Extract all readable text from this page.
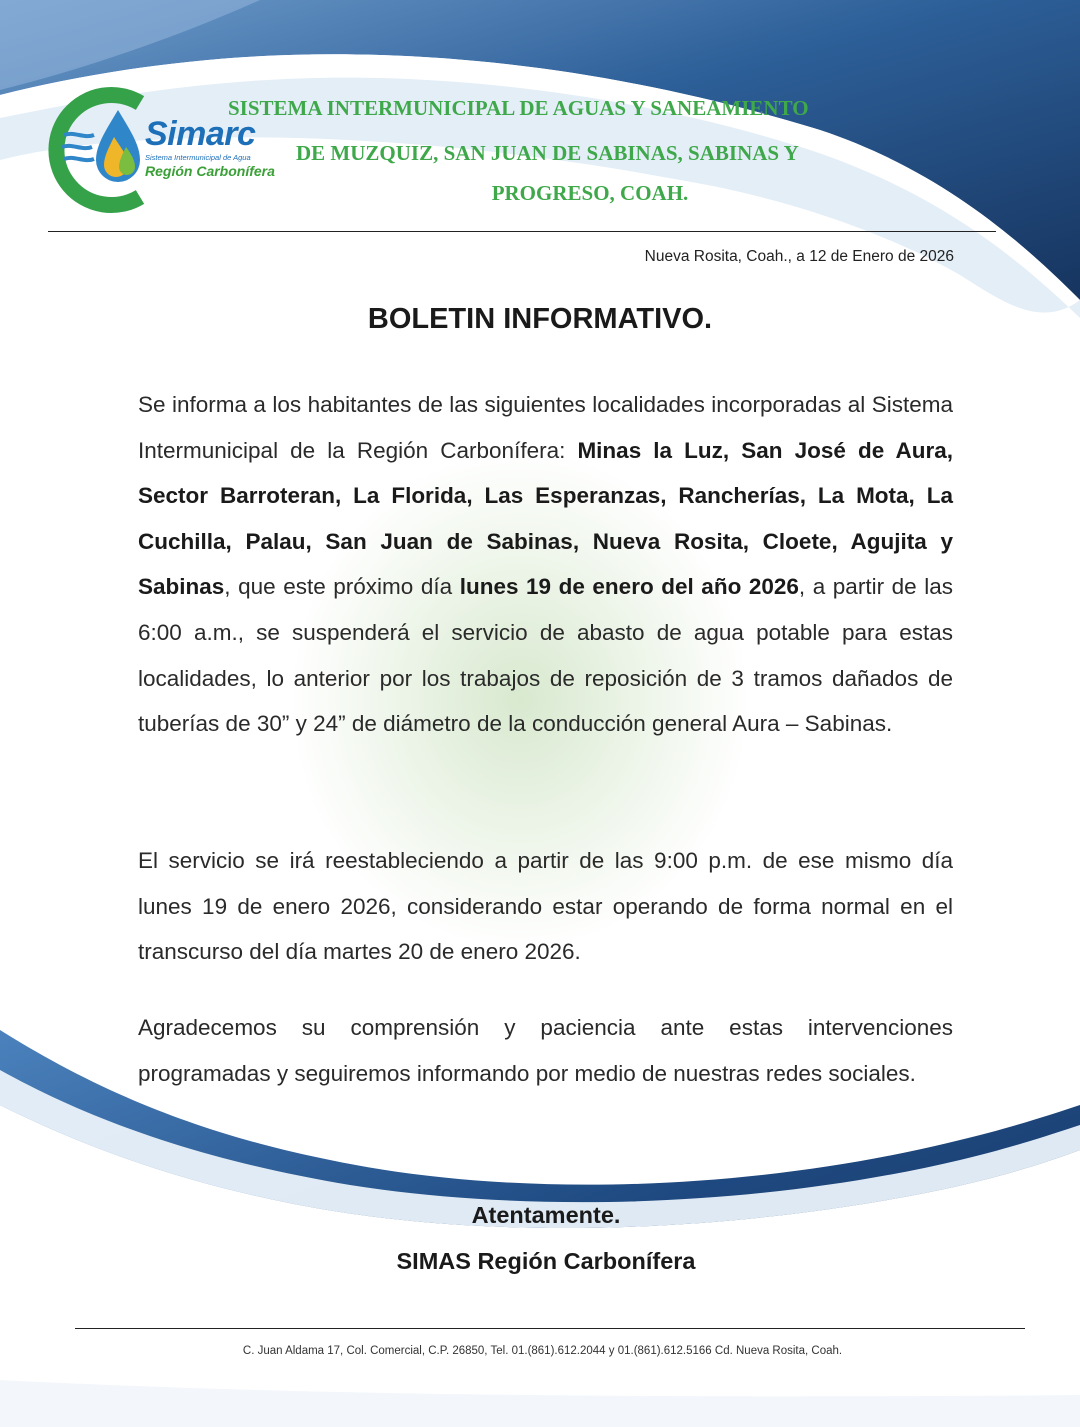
Simarc
Sistema Intermunicipal de Agua
Región Carbonífera
SISTEMA INTERMUNICIPAL DE AGUAS Y SANEAMIENTO
DE MUZQUIZ, SAN JUAN DE SABINAS, SABINAS Y
PROGRESO, COAH.
Nueva Rosita, Coah., a 12 de Enero de 2026
BOLETIN INFORMATIVO.
Se informa a los habitantes de las siguientes localidades incorporadas al Sistema Intermunicipal de la Región Carbonífera: Minas la Luz, San José de Aura, Sector Barroteran, La Florida, Las Esperanzas, Rancherías, La Mota, La Cuchilla, Palau, San Juan de Sabinas, Nueva Rosita, Cloete, Agujita y Sabinas, que este próximo día lunes 19 de enero del año 2026, a partir de las 6:00 a.m., se suspenderá el servicio de abasto de agua potable para estas localidades, lo anterior por los trabajos de reposición de 3 tramos dañados de tuberías de 30” y 24” de diámetro de la conducción general Aura – Sabinas.
El servicio se irá reestableciendo a partir de las 9:00 p.m. de ese mismo día lunes 19 de enero 2026, considerando estar operando de forma normal en el transcurso del día martes 20 de enero 2026.
Agradecemos su comprensión y paciencia ante estas intervenciones programadas y seguiremos informando por medio de nuestras redes sociales.
Atentamente.
SIMAS Región Carbonífera
C. Juan Aldama 17, Col. Comercial, C.P. 26850, Tel. 01.(861).612.2044 y 01.(861).612.5166 Cd. Nueva Rosita, Coah.
